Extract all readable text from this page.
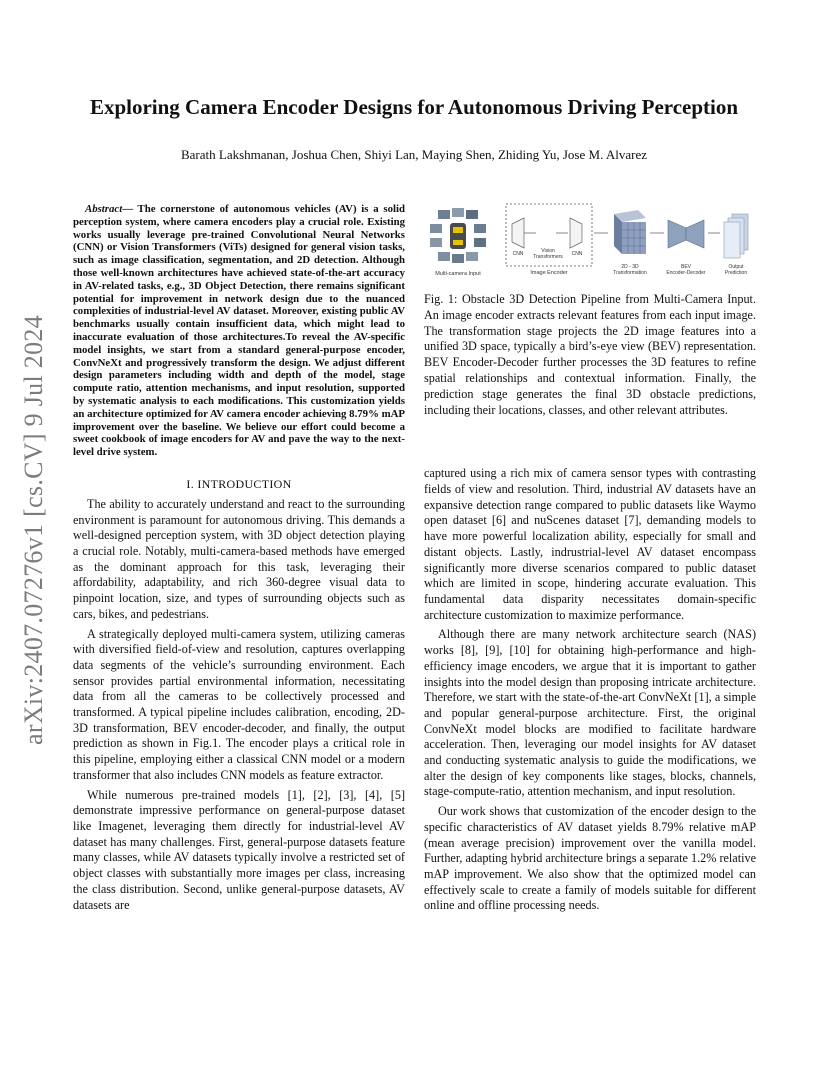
arXiv:2407.07276v1 [cs.CV] 9 Jul 2024
Exploring Camera Encoder Designs for Autonomous Driving Perception
Barath Lakshmanan, Joshua Chen, Shiyi Lan, Maying Shen, Zhiding Yu, Jose M. Alvarez

Abstract— The cornerstone of autonomous vehicles (AV) is a solid perception system, where camera encoders play a crucial role. Existing works usually leverage pre-trained Convolutional Neural Networks (CNN) or Vision Transformers (ViTs) designed for general vision tasks, such as image classification, segmentation, and 2D detection. Although those well-known architectures have achieved state-of-the-art accuracy in AV-related tasks, e.g., 3D Object Detection, there remains significant potential for improvement in network design due to the nuanced complexities of industrial-level AV dataset. Moreover, existing public AV benchmarks usually contain insufficient data, which might lead to inaccurate evaluation of those architectures.To reveal the AV-specific model insights, we start from a standard general-purpose encoder, ConvNeXt and progressively transform the design. We adjust different design parameters including width and depth of the model, stage compute ratio, attention mechanisms, and input resolution, supported by systematic analysis to each modifications. This customization yields an architecture optimized for AV camera encoder achieving 8.79% mAP improvement over the baseline. We believe our effort could become a sweet cookbook of image encoders for AV and pave the way to the next-level drive system.

I. INTRODUCTION

The ability to accurately understand and react to the surrounding environment is paramount for autonomous driving. This demands a well-designed perception system, with 3D object detection playing a crucial role. Notably, multi-camera-based methods have emerged as the dominant approach for this task, leveraging their affordability, adaptability, and rich 360-degree visual data to pinpoint location, size, and types of surrounding objects such as cars, bikes, and pedestrians.

A strategically deployed multi-camera system, utilizing cameras with diversified field-of-view and resolution, captures overlapping data segments of the vehicle’s surrounding environment. Each sensor provides partial environmental information, necessitating data from all the cameras to be collectively processed and transformed. A typical pipeline includes calibration, encoding, 2D-3D transformation, BEV encoder-decoder, and finally, the output prediction as shown in Fig.1. The encoder plays a critical role in this pipeline, employing either a classical CNN model or a modern transformer that also includes CNN models as feature extractor.

While numerous pre-trained models [1], [2], [3], [4], [5] demonstrate impressive performance on general-purpose dataset like Imagenet, leveraging them directly for industrial-level AV dataset has many challenges. First, general-purpose datasets feature many classes, while AV datasets typically involve a restricted set of object classes with substantially more images per class, increasing the class distribution. Second, unlike general-purpose datasets, AV datasets are

Multi-camera Input
CNN	Vision
Transformers CNN
Image Encoder
2D - 3D
Transformation
BEV
Encoder-Decoder
Output
Prediction

Fig. 1: Obstacle 3D Detection Pipeline from Multi-Camera Input. An image encoder extracts relevant features from each input image. The transformation stage projects the 2D image features into a unified 3D space, typically a bird’s-eye view (BEV) representation. BEV Encoder-Decoder further processes the 3D features to refine spatial relationships and contextual information. Finally, the prediction stage generates the final 3D obstacle predictions, including their locations, classes, and other relevant attributes.

captured using a rich mix of camera sensor types with contrasting fields of view and resolution. Third, industrial AV datasets have an expansive detection range compared to public datasets like Waymo open dataset [6] and nuScenes dataset [7], demanding models to have more powerful localization ability, especially for small and distant objects. Lastly, indrustrial-level AV dataset encompass significantly more diverse scenarios compared to public dataset which are limited in scope, hindering accurate evaluation. This fundamental data disparity necessitates domain-specific architecture customization to maximize performance.

Although there are many network architecture search (NAS) works [8], [9], [10] for obtaining high-performance and high-efficiency image encoders, we argue that it is important to gather insights into the model design than proposing intricate architecture. Therefore, we start with the state-of-the-art ConvNeXt [1], a simple and popular general-purpose architecture. First, the original ConvNeXt model blocks are modified to facilitate hardware acceleration. Then, leveraging our model insights for AV dataset and conducting systematic analysis to guide the modifications, we alter the design of key components like stages, blocks, channels, stage-compute-ratio, attention mechanism, and input resolution.

Our work shows that customization of the encoder design to the specific characteristics of AV dataset yields 8.79% relative mAP (mean average precision) improvement over the vanilla model. Further, adapting hybrid architecture brings a separate 1.2% relative mAP improvement. We also show that the optimized model can effectively scale to create a family of models suitable for different online and offline processing needs.
